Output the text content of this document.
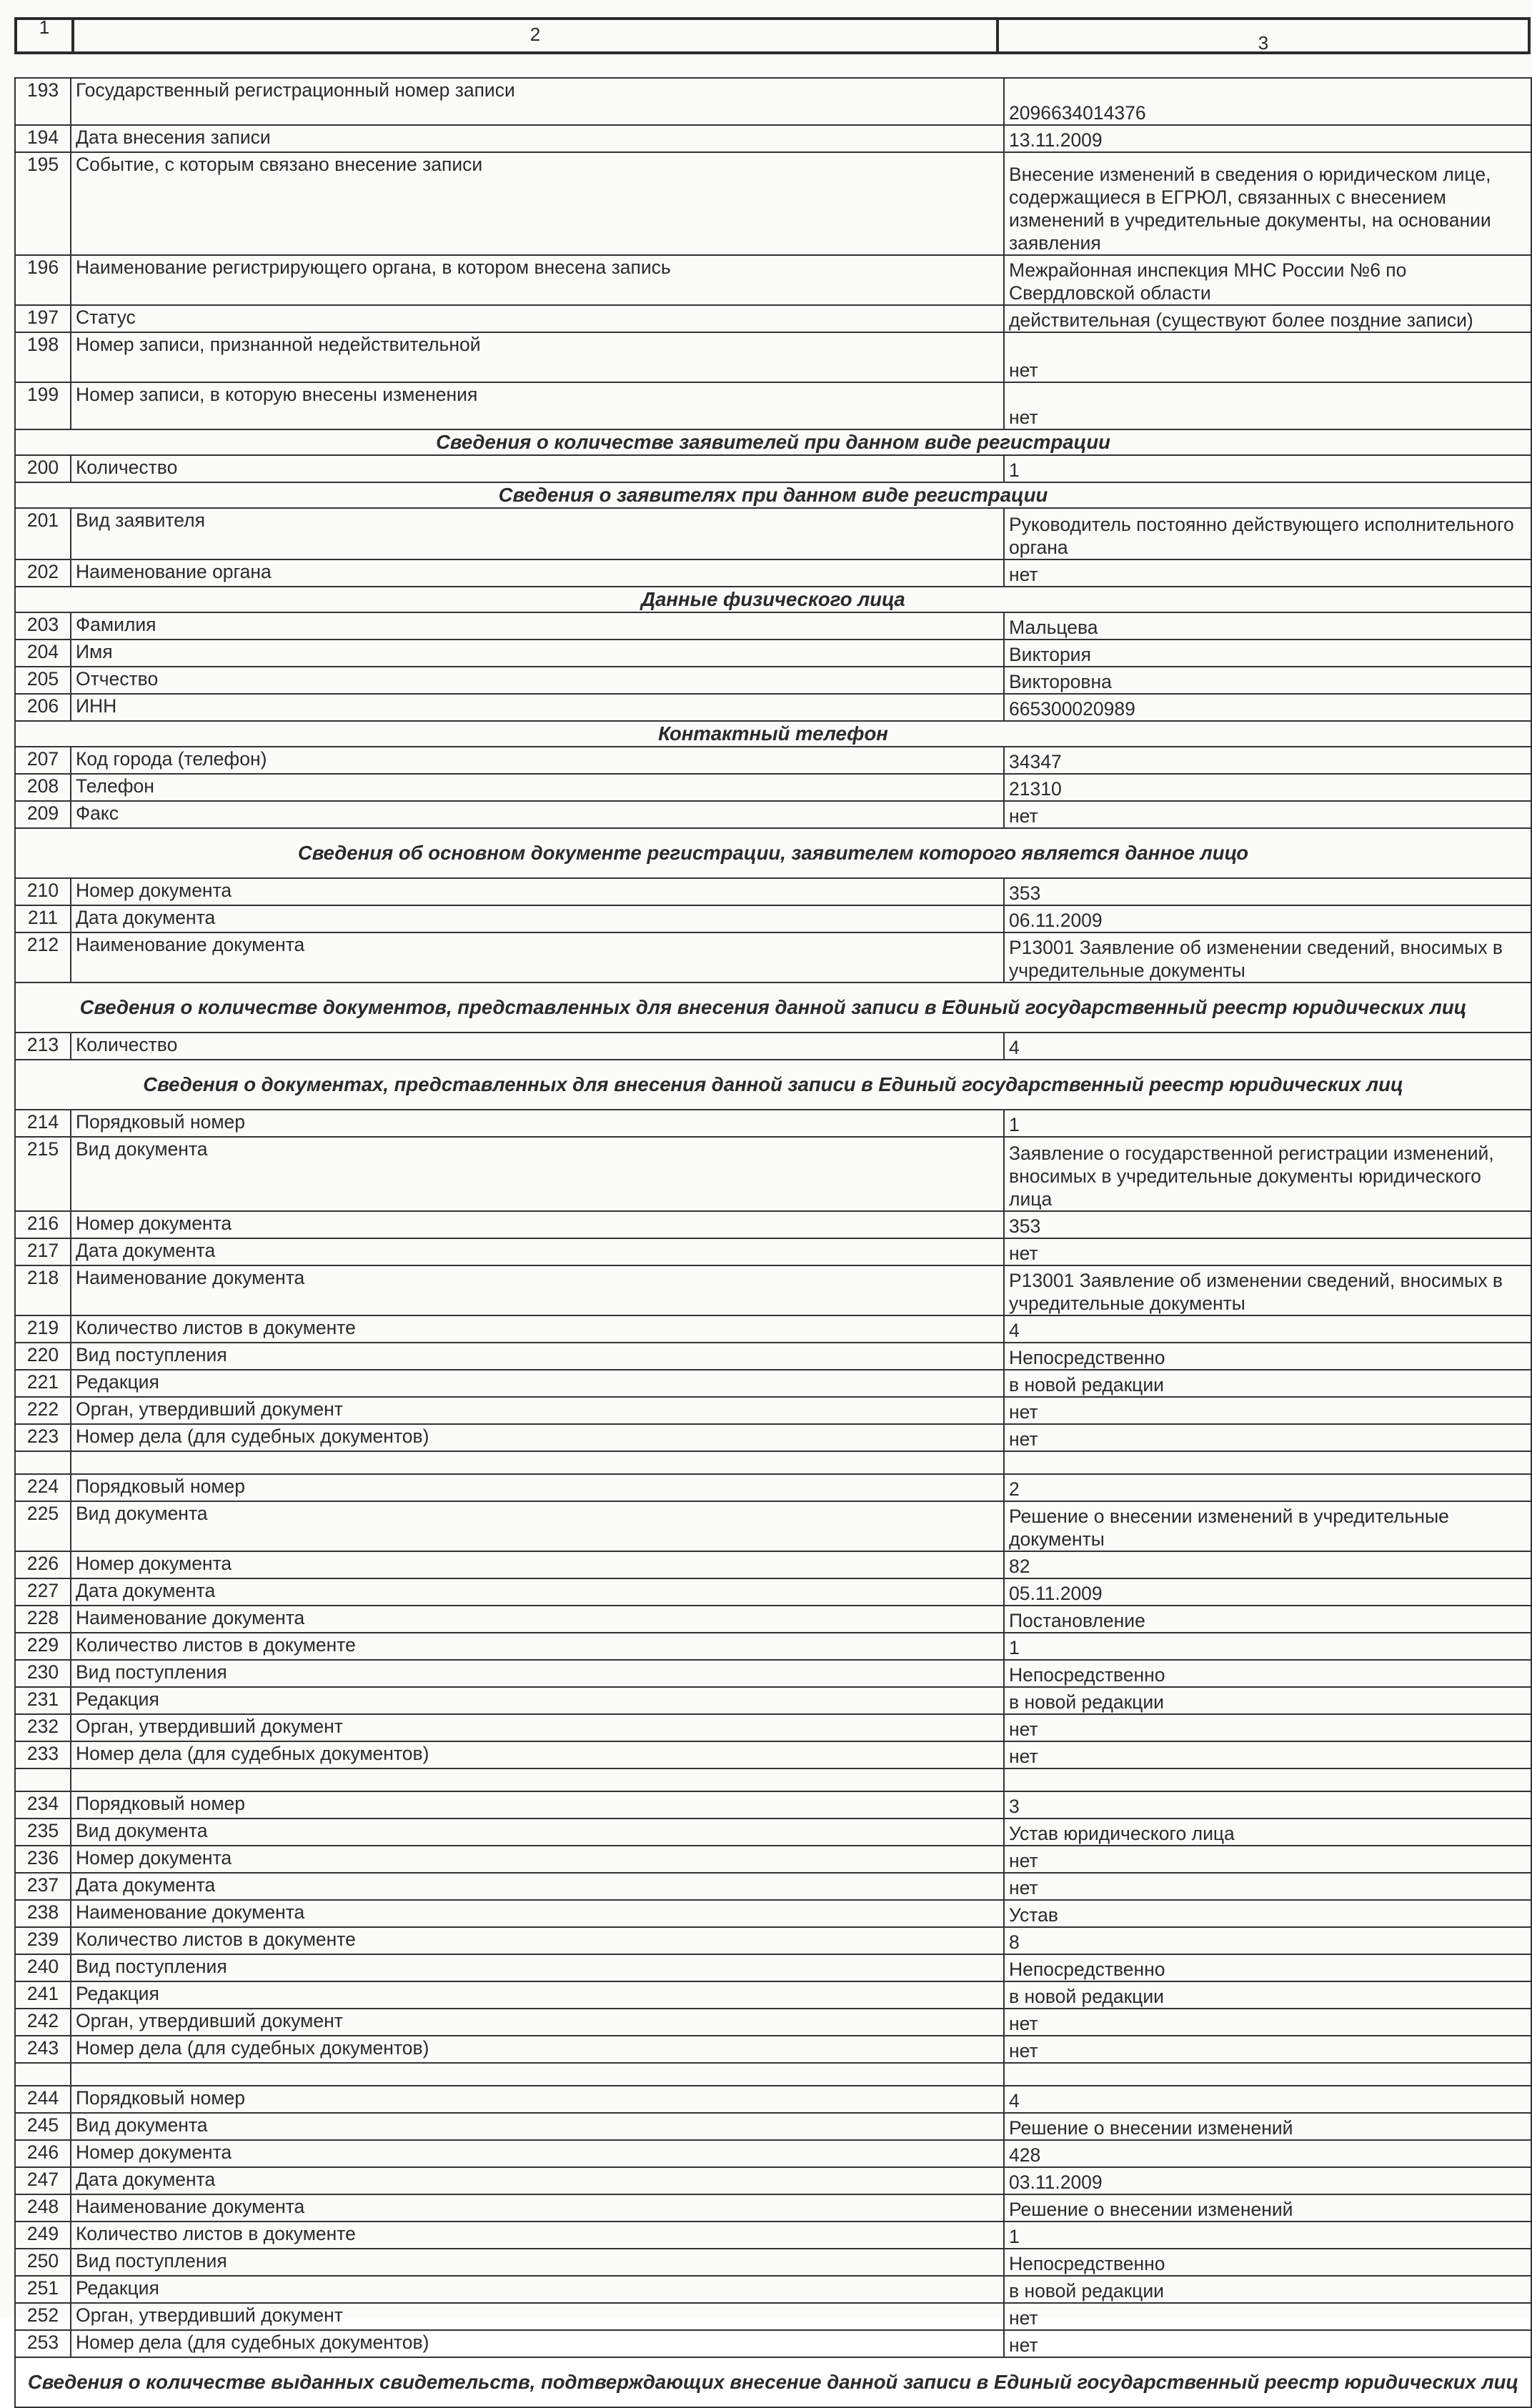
1	2	3
193	Государственный регистрационный номер записи	2096634014376
194	Дата внесения записи	13.11.2009
195	Событие, с которым связано внесение записи	Внесение изменений в сведения о юридическом лице, содержащиеся в ЕГРЮЛ, связанных с внесением изменений в учредительные документы, на основании заявления
196	Наименование регистрирующего органа, в котором внесена запись	Межрайонная инспекция МНС России №6 по Свердловской области
197	Статус	действительная (существуют более поздние записи)
198	Номер записи, признанной недействительной	нет
199	Номер записи, в которую внесены изменения	нет
Сведения о количестве заявителей при данном виде регистрации		
200	Количество	1
Сведения о заявителях при данном виде регистрации		
201	Вид заявителя	Руководитель постоянно действующего исполнительного органа
202	Наименование органа	нет
Данные физического лица		
203	Фамилия	Мальцева
204	Имя	Виктория
205	Отчество	Викторовна
206	ИНН	665300020989
Контактный телефон		
207	Код города (телефон)	34347
208	Телефон	21310
209	Факс	нет
Сведения об основном документе регистрации, заявителем которого является данное лицо		
210	Номер документа	353
211	Дата документа	06.11.2009
212	Наименование документа	Р13001 Заявление об изменении сведений, вносимых в учредительные документы
Сведения о количестве документов, представленных для внесения данной записи в Единый государственный реестр юридических лиц		
213	Количество	4
Сведения о документах, представленных для внесения данной записи в Единый государственный реестр юридических лиц		
214	Порядковый номер	1
215	Вид документа	Заявление о государственной регистрации изменений, вносимых в учредительные документы юридического лица
216	Номер документа	353
217	Дата документа	нет
218	Наименование документа	Р13001 Заявление об изменении сведений, вносимых в учредительные документы
219	Количество листов в документе	4
220	Вид поступления	Непосредственно
221	Редакция	в новой редакции
222	Орган, утвердивший документ	нет
223	Номер дела (для судебных документов)	нет

224	Порядковый номер	2
225	Вид документа	Решение о внесении изменений в учредительные документы
226	Номер документа	82
227	Дата документа	05.11.2009
228	Наименование документа	Постановление
229	Количество листов в документе	1
230	Вид поступления	Непосредственно
231	Редакция	в новой редакции
232	Орган, утвердивший документ	нет
233	Номер дела (для судебных документов)	нет

234	Порядковый номер	3
235	Вид документа	Устав юридического лица
236	Номер документа	нет
237	Дата документа	нет
238	Наименование документа	Устав
239	Количество листов в документе	8
240	Вид поступления	Непосредственно
241	Редакция	в новой редакции
242	Орган, утвердивший документ	нет
243	Номер дела (для судебных документов)	нет

244	Порядковый номер	4
245	Вид документа	Решение о внесении изменений
246	Номер документа	428
247	Дата документа	03.11.2009
248	Наименование документа	Решение о внесении изменений
249	Количество листов в документе	1
250	Вид поступления	Непосредственно
251	Редакция	в новой редакции
252	Орган, утвердивший документ	нет
253	Номер дела (для судебных документов)	нет
Сведения о количестве выданных свидетельств, подтверждающих внесение данной записи в Единый государственный реестр юридических лиц		
